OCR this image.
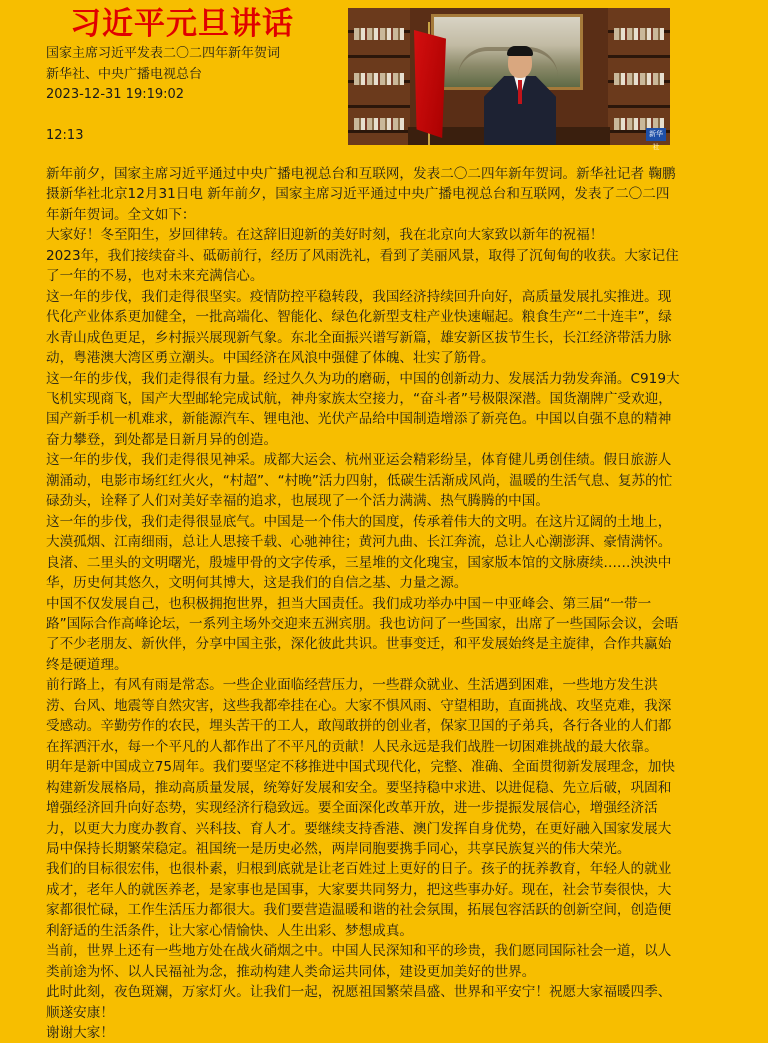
习近平元旦讲话
国家主席习近平发表二〇二四年新年贺词
新华社、中央广播电视总台
2023-12-31 19:19:02
12:13	新华社

新年前夕，国家主席习近平通过中央广播电视总台和互联网，发表二〇二四年新年贺词。新华社记者 鞠鹏 摄新华社北京12月31日电 新年前夕，国家主席习近平通过中央广播电视总台和互联网，发表了二〇二四年新年贺词。全文如下：

大家好！冬至阳生，岁回律转。在这辞旧迎新的美好时刻，我在北京向大家致以新年的祝福！

2023年，我们接续奋斗、砥砺前行，经历了风雨洗礼，看到了美丽风景，取得了沉甸甸的收获。大家记住了一年的不易，也对未来充满信心。

这一年的步伐，我们走得很坚实。疫情防控平稳转段，我国经济持续回升向好，高质量发展扎实推进。现代化产业体系更加健全，一批高端化、智能化、绿色化新型支柱产业快速崛起。粮食生产“二十连丰”，绿水青山成色更足，乡村振兴展现新气象。东北全面振兴谱写新篇，雄安新区拔节生长，长江经济带活力脉动，粤港澳大湾区勇立潮头。中国经济在风浪中强健了体魄、壮实了筋骨。

这一年的步伐，我们走得很有力量。经过久久为功的磨砺，中国的创新动力、发展活力勃发奔涌。C919大飞机实现商飞，国产大型邮轮完成试航，神舟家族太空接力，“奋斗者”号极限深潜。国货潮牌广受欢迎，国产新手机一机难求，新能源汽车、锂电池、光伏产品给中国制造增添了新亮色。中国以自强不息的精神奋力攀登，到处都是日新月异的创造。

这一年的步伐，我们走得很见神采。成都大运会、杭州亚运会精彩纷呈，体育健儿勇创佳绩。假日旅游人潮涌动，电影市场红红火火，“村超”、“村晚”活力四射，低碳生活渐成风尚，温暖的生活气息、复苏的忙碌劲头，诠释了人们对美好幸福的追求，也展现了一个活力满满、热气腾腾的中国。

这一年的步伐，我们走得很显底气。中国是一个伟大的国度，传承着伟大的文明。在这片辽阔的土地上，大漠孤烟、江南细雨，总让人思接千载、心驰神往；黄河九曲、长江奔流，总让人心潮澎湃、豪情满怀。良渚、二里头的文明曙光，殷墟甲骨的文字传承，三星堆的文化瑰宝，国家版本馆的文脉赓续……泱泱中华，历史何其悠久，文明何其博大，这是我们的自信之基、力量之源。

中国不仅发展自己，也积极拥抱世界，担当大国责任。我们成功举办中国－中亚峰会、第三届“一带一路”国际合作高峰论坛，一系列主场外交迎来五洲宾朋。我也访问了一些国家，出席了一些国际会议，会晤了不少老朋友、新伙伴，分享中国主张，深化彼此共识。世事变迁，和平发展始终是主旋律，合作共赢始终是硬道理。

前行路上，有风有雨是常态。一些企业面临经营压力，一些群众就业、生活遇到困难，一些地方发生洪涝、台风、地震等自然灾害，这些我都牵挂在心。大家不惧风雨、守望相助，直面挑战、攻坚克难，我深受感动。辛勤劳作的农民，埋头苦干的工人，敢闯敢拼的创业者，保家卫国的子弟兵，各行各业的人们都在挥洒汗水，每一个平凡的人都作出了不平凡的贡献！人民永远是我们战胜一切困难挑战的最大依靠。

明年是新中国成立75周年。我们要坚定不移推进中国式现代化，完整、准确、全面贯彻新发展理念，加快构建新发展格局，推动高质量发展，统筹好发展和安全。要坚持稳中求进、以进促稳、先立后破，巩固和增强经济回升向好态势，实现经济行稳致远。要全面深化改革开放，进一步提振发展信心，增强经济活力，以更大力度办教育、兴科技、育人才。要继续支持香港、澳门发挥自身优势，在更好融入国家发展大局中保持长期繁荣稳定。祖国统一是历史必然，两岸同胞要携手同心，共享民族复兴的伟大荣光。

我们的目标很宏伟，也很朴素，归根到底就是让老百姓过上更好的日子。孩子的抚养教育，年轻人的就业成才，老年人的就医养老，是家事也是国事，大家要共同努力，把这些事办好。现在，社会节奏很快，大家都很忙碌，工作生活压力都很大。我们要营造温暖和谐的社会氛围，拓展包容活跃的创新空间，创造便利舒适的生活条件，让大家心情愉快、人生出彩、梦想成真。

当前，世界上还有一些地方处在战火硝烟之中。中国人民深知和平的珍贵，我们愿同国际社会一道，以人类前途为怀、以人民福祉为念，推动构建人类命运共同体，建设更加美好的世界。

此时此刻，夜色斑斓，万家灯火。让我们一起，祝愿祖国繁荣昌盛、世界和平安宁！祝愿大家福暖四季、顺遂安康！

谢谢大家！
